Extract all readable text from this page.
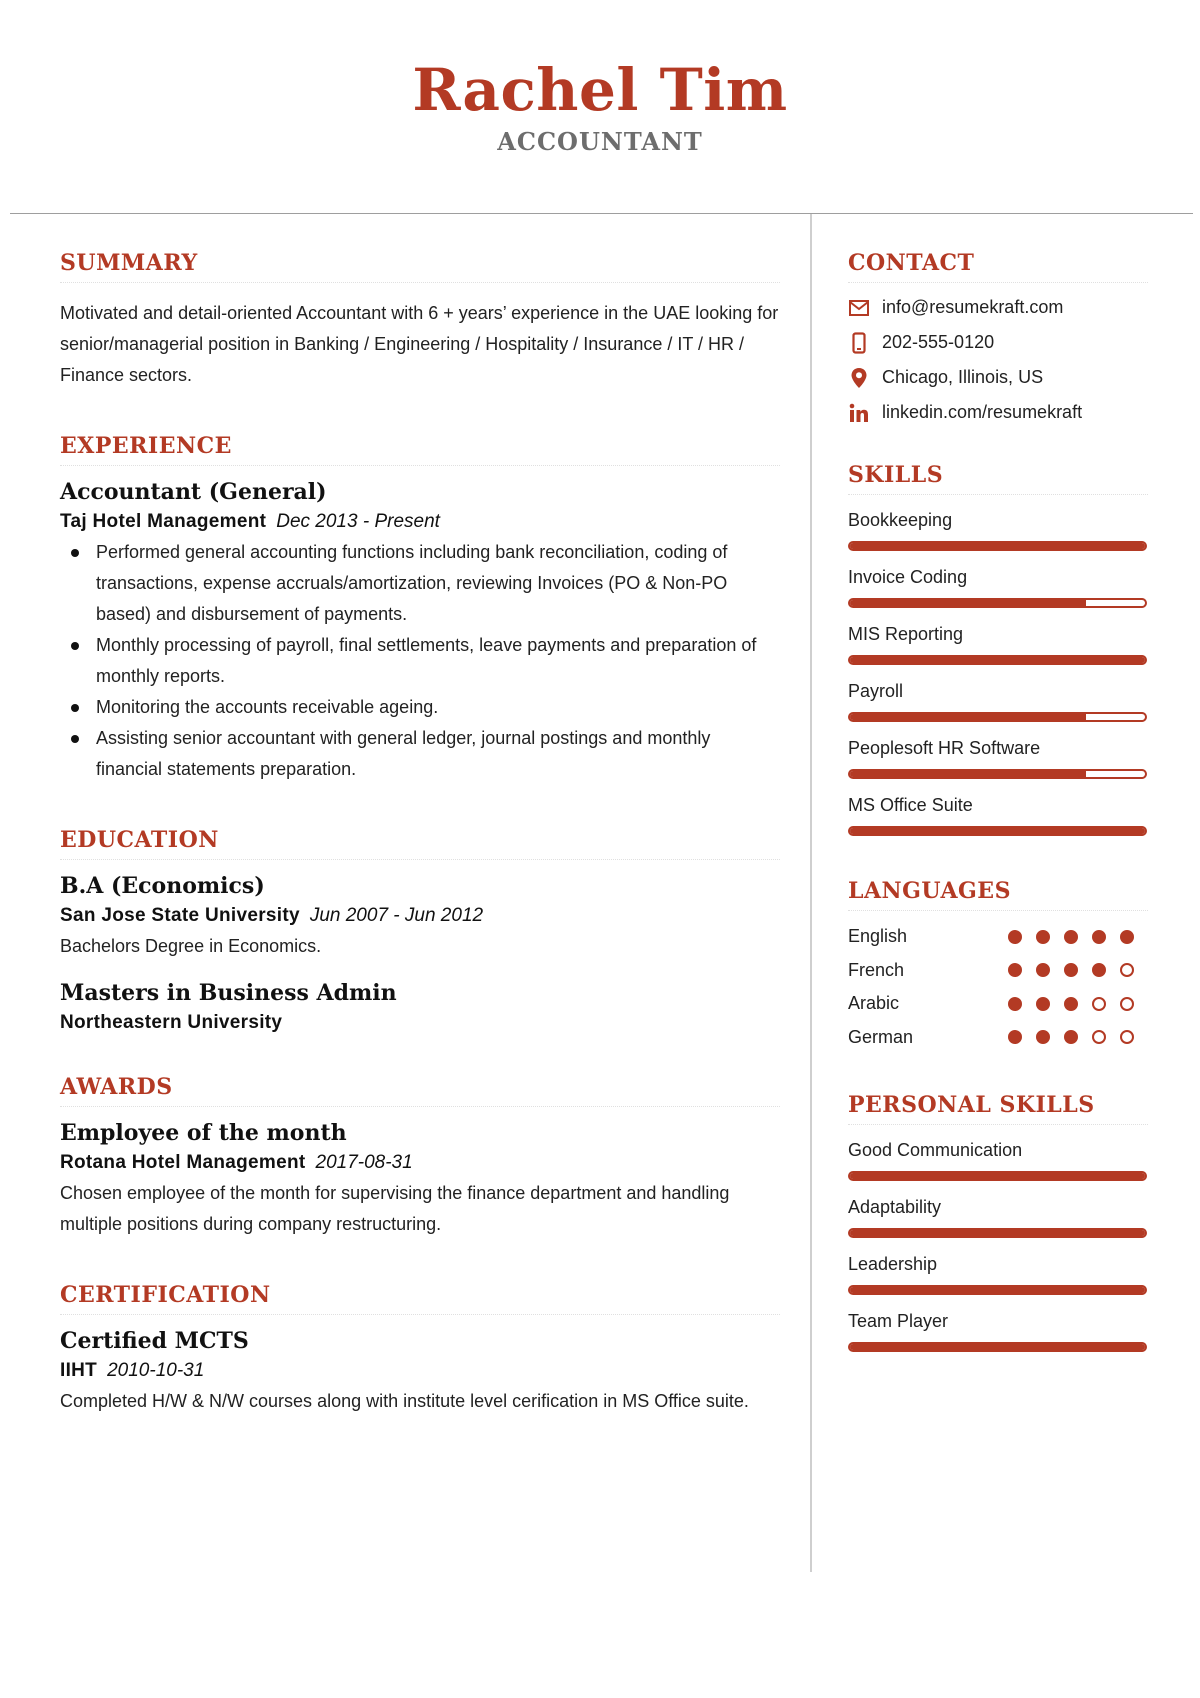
Rachel Tim
ACCOUNTANT
SUMMARY
Motivated and detail-oriented Accountant with 6 + years’ experience in the UAE looking for senior/managerial position in Banking / Engineering / Hospitality / Insurance / IT / HR / Finance sectors.
EXPERIENCE
Accountant (General)
Taj Hotel Management Dec 2013 - Present
Performed general accounting functions including bank reconciliation, coding of transactions, expense accruals/amortization, reviewing Invoices (PO & Non-PO based) and disbursement of payments.
Monthly processing of payroll, final settlements, leave payments and preparation of monthly reports.
Monitoring the accounts receivable ageing.
Assisting senior accountant with general ledger, journal postings and monthly financial statements preparation.
EDUCATION
B.A (Economics)
San Jose State University Jun 2007 - Jun 2012
Bachelors Degree in Economics.
Masters in Business Admin
Northeastern University
AWARDS
Employee of the month
Rotana Hotel Management 2017-08-31
Chosen employee of the month for supervising the finance department and handling multiple positions during company restructuring.
CERTIFICATION
Certified MCTS
IIHT 2010-10-31
Completed H/W & N/W courses along with institute level cerification in MS Office suite.
CONTACT
info@resumekraft.com
202-555-0120
Chicago, Illinois, US
linkedin.com/resumekraft
SKILLS
Bookkeeping
Invoice Coding
MIS Reporting
Payroll
Peoplesoft HR Software
MS Office Suite
LANGUAGES
English
French
Arabic
German
PERSONAL SKILLS
Good Communication
Adaptability
Leadership
Team Player
